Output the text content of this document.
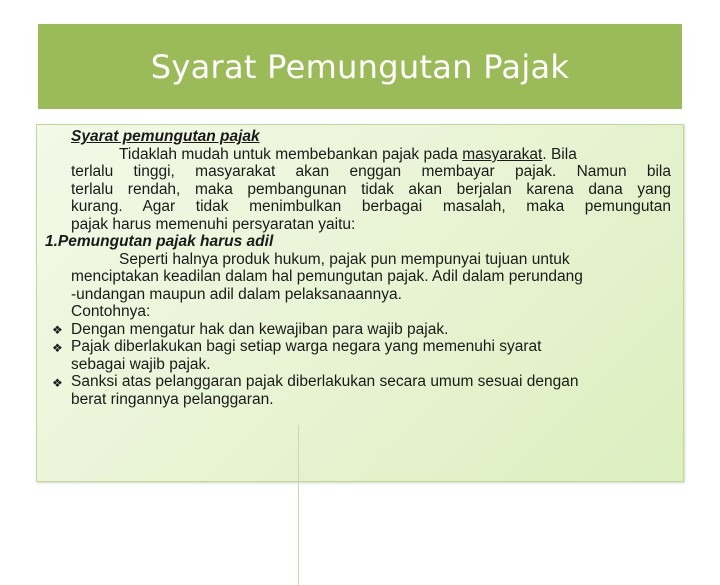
Syarat Pemungutan Pajak
Syarat pemungutan pajak
Tidaklah mudah untuk membebankan pajak pada masyarakat. Bila
terlalu tinggi, masyarakat akan enggan membayar pajak. Namun bila
terlalu rendah, maka pembangunan tidak akan berjalan karena dana yang
kurang. Agar tidak menimbulkan berbagai masalah, maka pemungutan
pajak harus memenuhi persyaratan yaitu:
1.Pemungutan pajak harus adil
Seperti halnya produk hukum, pajak pun mempunyai tujuan untuk
menciptakan keadilan dalam hal pemungutan pajak. Adil dalam perundang
-undangan maupun adil dalam pelaksanaannya.
Contohnya:
❖ Dengan mengatur hak dan kewajiban para wajib pajak.
❖ Pajak diberlakukan bagi setiap warga negara yang memenuhi syarat
sebagai wajib pajak.
❖ Sanksi atas pelanggaran pajak diberlakukan secara umum sesuai dengan
berat ringannya pelanggaran.
